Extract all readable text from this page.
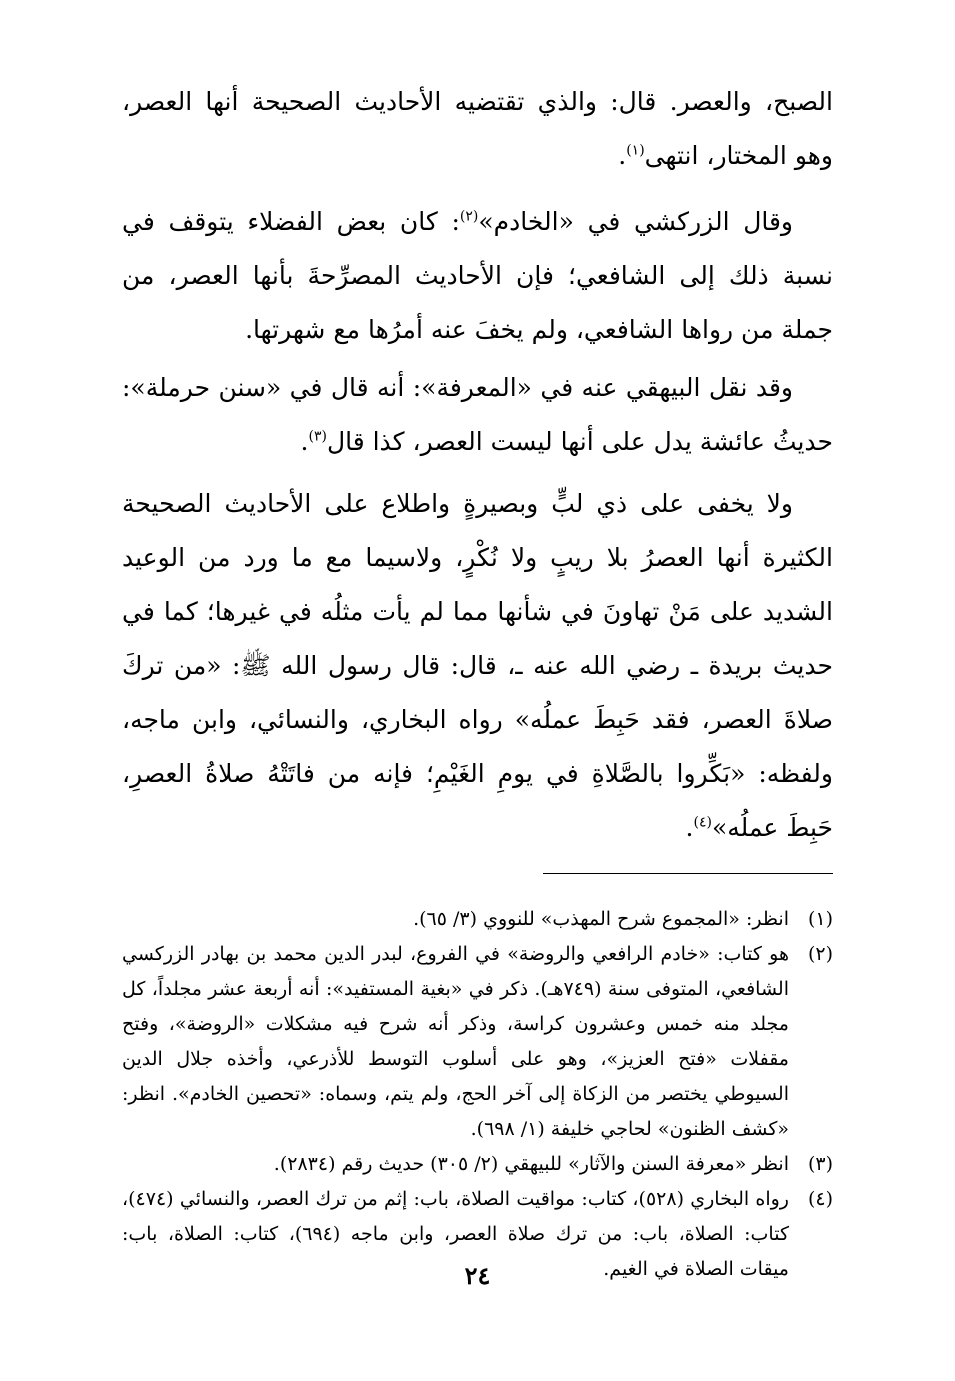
الصبح، والعصر. قال: والذي تقتضيه الأحاديث الصحيحة أنها العصر، وهو المختار، انتهى$^{(١)}$.

وقال الزركشي في «الخادم»$^{(٢)}$: كان بعض الفضلاء يتوقف في نسبة ذلك إلى الشافعي؛ فإن الأحاديث المصرِّحةَ بأنها العصر، من جملة من رواها الشافعي، ولم يخفَ عنه أمرُها مع شهرتها.

وقد نقل البيهقي عنه في «المعرفة»: أنه قال في «سنن حرملة»: حديثُ عائشة يدل على أنها ليست العصر، كذا قال$^{(٣)}$.

ولا يخفى على ذي لبٍّ وبصيرةٍ واطلاع على الأحاديث الصحيحة الكثيرة أنها العصرُ بلا ريبٍ ولا نُكْرٍ، ولاسيما مع ما ورد من الوعيد الشديد على مَنْ تهاونَ في شأنها مما لم يأت مثلُه في غيرها؛ كما في حديث بريدة ـ رضي الله عنه ـ، قال: قال رسول الله ﷺ: «من تركَ صلاةَ العصر، فقد حَبِطَ عملُه» رواه البخاري، والنسائي، وابن ماجه، ولفظه: «بَكِّروا بالصَّلاةِ في يومِ الغَيْمِ؛ فإنه من فاتَتْهُ صلاةُ العصرِ، حَبِطَ عملُه»$^{(٤)}$.

(١)
انظر: «المجموع شرح المهذب» للنووي (٣/ ٦٥).
(٢)
هو كتاب: «خادم الرافعي والروضة» في الفروع، لبدر الدين محمد بن بهادر الزركسي الشافعي، المتوفى سنة (٧٤٩هـ). ذكر في «بغية المستفيد»: أنه أربعة عشر مجلداً، كل مجلد منه خمس وعشرون كراسة، وذكر أنه شرح فيه مشكلات «الروضة»، وفتح مقفلات «فتح العزيز»، وهو على أسلوب التوسط للأذرعي، وأخذه جلال الدين السيوطي يختصر من الزكاة إلى آخر الحج، ولم يتم، وسماه: «تحصين الخادم». انظر: «كشف الظنون» لحاجي خليفة (١/ ٦٩٨).
(٣)
انظر «معرفة السنن والآثار» للبيهقي (٢/ ٣٠٥) حديث رقم (٢٨٣٤).
(٤)
رواه البخاري (٥٢٨)، كتاب: مواقيت الصلاة، باب: إثم من ترك العصر، والنسائي (٤٧٤)، كتاب: الصلاة، باب: من ترك صلاة العصر، وابن ماجه (٦٩٤)، كتاب: الصلاة، باب: ميقات الصلاة في الغيم.
٢٤
